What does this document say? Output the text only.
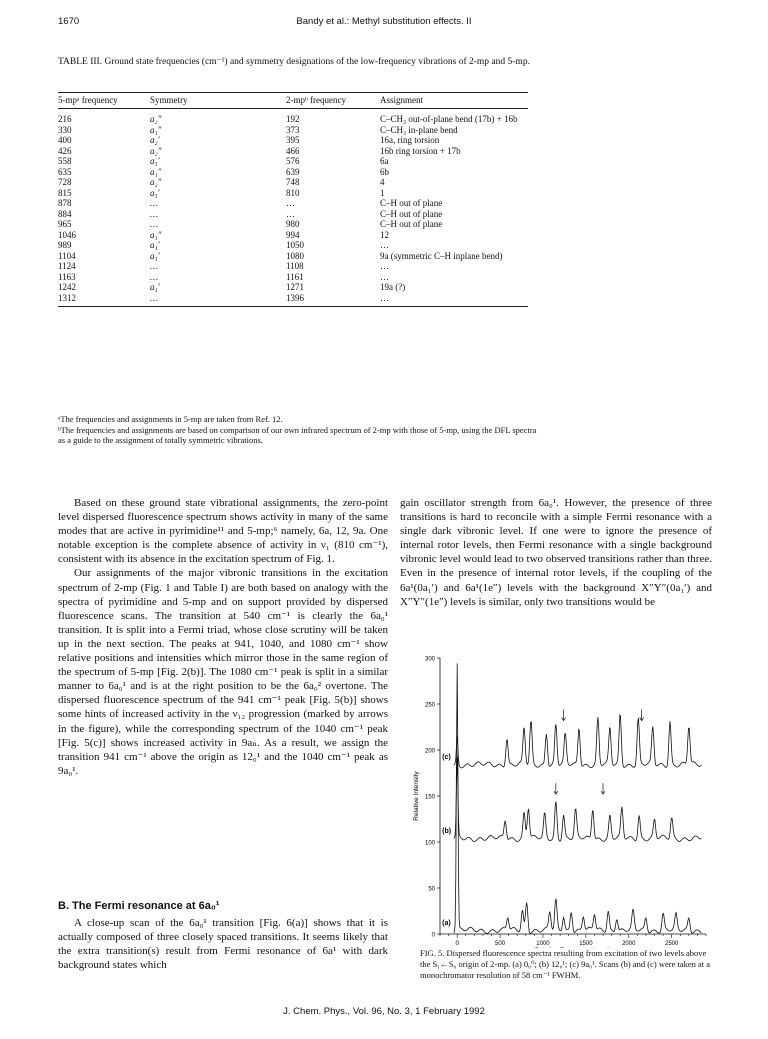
1670	Bandy et al.: Methyl substitution effects. II
TABLE III. Ground state frequencies (cm⁻¹) and symmetry designations of the low-frequency vibrations of 2-mp and 5-mp.
5-mpᵃ frequency	Symmetry	2-mpᵇ frequency	Assignment
216	a₂″	192	C–CH₃ out-of-plane bend (17b) + 16b
330	a₁″	373	C–CH₃ in-plane bend
400	a₂′	395	16a, ring torsion
426	a₂″	466	16b ring torsion + 17b
558	a₁′	576	6a
635	a₁″	639	6b
728	a₂″	748	4
815	a₁′	810	1
878	…	…	C–H out of plane
884	…	…	C–H out of plane
965	…	980	C–H out of plane
1046	a₁″	994	12
989	a₁′	1050	…
1104	a₁′	1080	9a (symmetric C–H inplane bend)
1124	…	1108	…
1163	…	1161	…
1242	a₁′	1271	19a (?)
1312	…	1396	…
ᵃThe frequencies and assignments in 5-mp are taken from Ref. 12.
ᵇThe frequencies and assignments are based on comparison of our own infrared spectrum of 2-mp with those of 5-mp, using the DFL spectra as a guide to the assignment of totally symmetric vibrations.

Based on these ground state vibrational assignments, the zero-point level dispersed fluorescence spectrum shows activity in many of the same modes that are active in pyrimidine¹¹ and 5-mp;⁶ namely, 6a, 12, 9a. One notable exception is the complete absence of activity in ν₁ (810 cm⁻¹), consistent with its absence in the excitation spectrum of Fig. 1.

Our assignments of the major vibronic transitions in the excitation spectrum of 2-mp (Fig. 1 and Table I) are both based on analogy with the spectra of pyrimidine and 5-mp and on support provided by dispersed fluorescence scans. The transition at 540 cm⁻¹ is clearly the 6a₀¹ transition. It is split into a Fermi triad, whose close scrutiny will be taken up in the next section. The peaks at 941, 1040, and 1080 cm⁻¹ show relative positions and intensities which mirror those in the same region of the spectrum of 5-mp [Fig. 2(b)]. The 1080 cm⁻¹ peak is split in a similar manner to 6a₀¹ and is at the right position to be the 6a₀² overtone. The dispersed fluorescence spectrum of the 941 cm⁻¹ peak [Fig. 5(b)] shows some hints of increased activity in the ν₁₂ progression (marked by arrows in the figure), while the corresponding spectrum of the 1040 cm⁻¹ peak [Fig. 5(c)] shows increased activity in 9aₙ. As a result, we assign the transition 941 cm⁻¹ above the origin as 12₀¹ and the 1040 cm⁻¹ peak as 9a₀¹.

B. The Fermi resonance at 6a₀¹

A close-up scan of the 6a₀¹ transition [Fig. 6(a)] shows that it is actually composed of three closely spaced transitions. It seems likely that the extra transition(s) result from Fermi resonance of 6a¹ with dark background states which

gain oscillator strength from 6a₀¹. However, the presence of three transitions is hard to reconcile with a simple Fermi resonance with a single dark vibronic level. If one were to ignore the presence of internal rotor levels, then Fermi resonance with a single background vibronic level would lead to two observed transitions rather than three. Even in the presence of internal rotor levels, if the coupling of the 6a¹(0a₁′) and 6a¹(1e″) levels with the background X″Y″(0a₁′) and X″Y″(1e″) levels is similar, only two transitions would be

0
50
100
150
200
250
300
0	500	1000	1500	2000	2500
Relative Intensity
(a)
(b)
(c)
FIG. 5. Dispersed fluorescence spectra resulting from excitation of two levels above the S₁←S₀ origin of 2-mp. (a) 0₀⁰; (b) 12₀¹; (c) 9a₀¹. Scans (b) and (c) were taken at a monochromator resolution of 58 cm⁻¹ FWHM.
J. Chem. Phys., Vol. 96, No. 3, 1 February 1992
